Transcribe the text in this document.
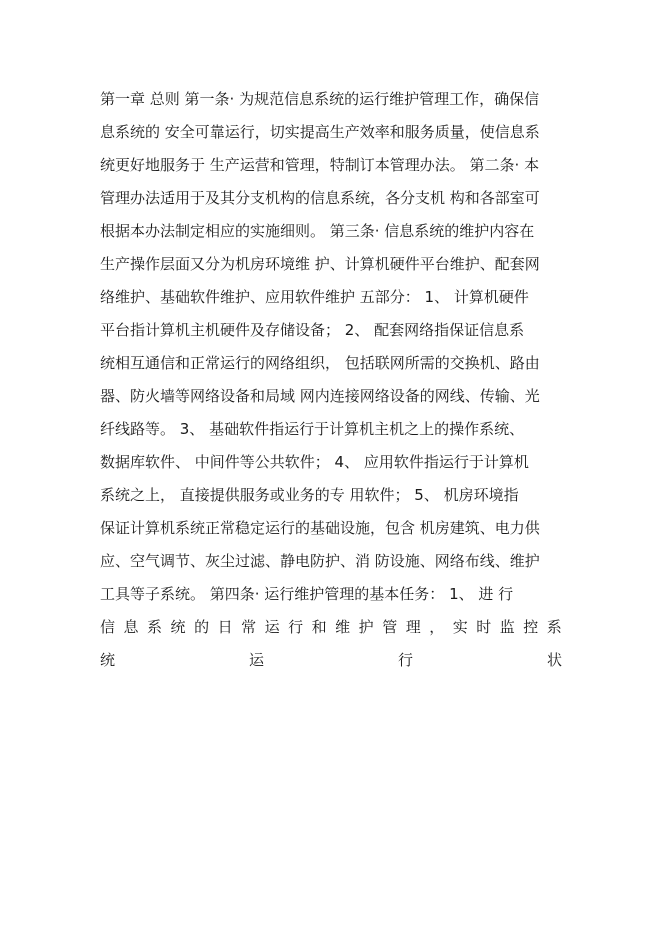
第一章 总则 第一条· 为规范信息系统的运行维护管理工作，确保信
息系统的 安全可靠运行，切实提高生产效率和服务质量，使信息系
统更好地服务于 生产运营和管理，特制订本管理办法。 第二条· 本
管理办法适用于及其分支机构的信息系统，各分支机 构和各部室可
根据本办法制定相应的实施细则。 第三条· 信息系统的维护内容在
生产操作层面又分为机房环境维 护、计算机硬件平台维护、配套网
络维护、基础软件维护、应用软件维护 五部分： 1、 计算机硬件
平台指计算机主机硬件及存储设备； 2、 配套网络指保证信息系
统相互通信和正常运行的网络组织， 包括联网所需的交换机、路由
器、防火墙等网络设备和局域 网内连接网络设备的网线、传输、光
纤线路等。 3、 基础软件指运行于计算机主机之上的操作系统、
数据库软件、 中间件等公共软件； 4、 应用软件指运行于计算机
系统之上， 直接提供服务或业务的专 用软件； 5、 机房环境指
保证计算机系统正常稳定运行的基础设施，包含 机房建筑、电力供
应、空气调节、灰尘过滤、静电防护、消 防设施、网络布线、维护
工具等子系统。 第四条· 运行维护管理的基本任务： 1、 进 行
信 息 系 统 的 日 常 运 行 和 维 护 管 理 ， 实 时 监 控 系
统	运	行	状
